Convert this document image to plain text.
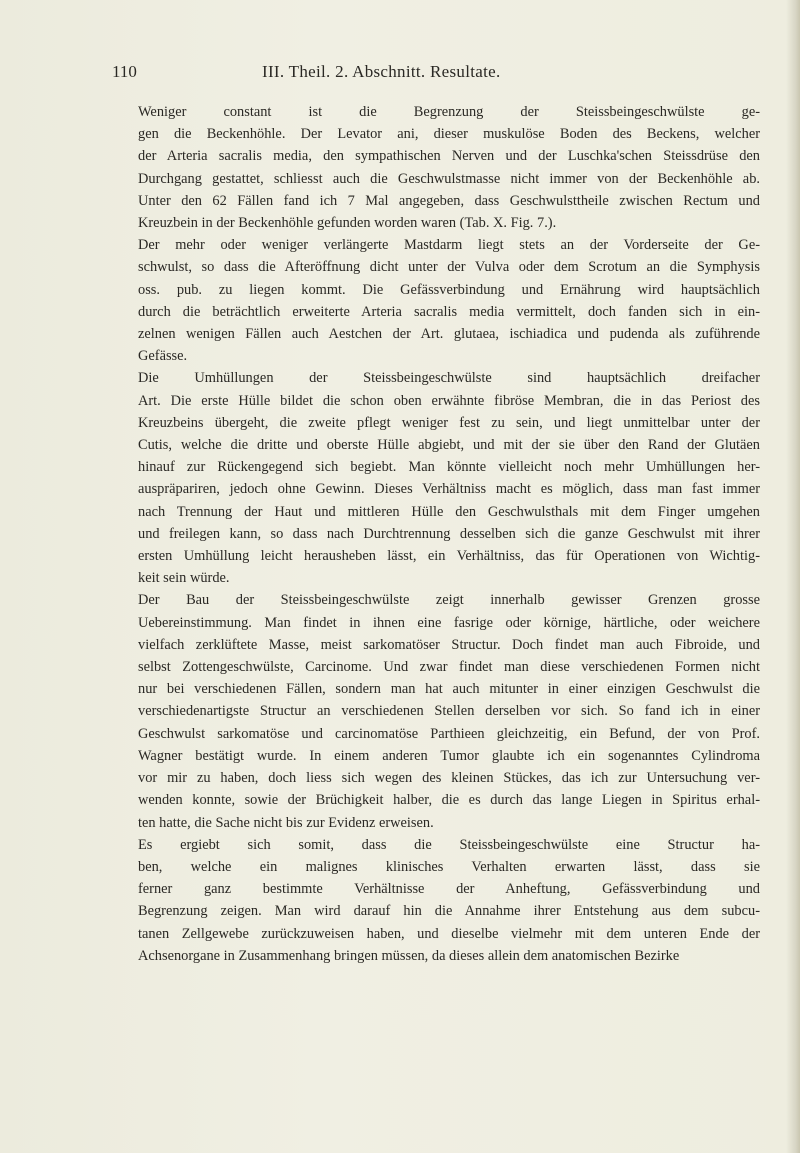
110	III. Theil. 2. Abschnitt. Resultate.

Weniger constant ist die Begrenzung der Steissbeingeschwülste ge-
gen die Beckenhöhle. Der Levator ani, dieser muskulöse Boden des Beckens, welcher
der Arteria sacralis media, den sympathischen Nerven und der Luschka'schen Steissdrüse den
Durchgang gestattet, schliesst auch die Geschwulstmasse nicht immer von der Beckenhöhle ab.
Unter den 62 Fällen fand ich 7 Mal angegeben, dass Geschwulsttheile zwischen Rectum und
Kreuzbein in der Beckenhöhle gefunden worden waren (Tab. X. Fig. 7.).

Der mehr oder weniger verlängerte Mastdarm liegt stets an der Vorderseite der Ge-
schwulst, so dass die Afteröffnung dicht unter der Vulva oder dem Scrotum an die Symphysis
oss. pub. zu liegen kommt. Die Gefässverbindung und Ernährung wird hauptsächlich
durch die beträchtlich erweiterte Arteria sacralis media vermittelt, doch fanden sich in ein-
zelnen wenigen Fällen auch Aestchen der Art. glutaea, ischiadica und pudenda als zuführende
Gefässe.

Die Umhüllungen der Steissbeingeschwülste sind hauptsächlich dreifacher
Art. Die erste Hülle bildet die schon oben erwähnte fibröse Membran, die in das Periost des
Kreuzbeins übergeht, die zweite pflegt weniger fest zu sein, und liegt unmittelbar unter der
Cutis, welche die dritte und oberste Hülle abgiebt, und mit der sie über den Rand der Glutäen
hinauf zur Rückengegend sich begiebt. Man könnte vielleicht noch mehr Umhüllungen her-
auspräpariren, jedoch ohne Gewinn. Dieses Verhältniss macht es möglich, dass man fast immer
nach Trennung der Haut und mittleren Hülle den Geschwulsthals mit dem Finger umgehen
und freilegen kann, so dass nach Durchtrennung desselben sich die ganze Geschwulst mit ihrer
ersten Umhüllung leicht herausheben lässt, ein Verhältniss, das für Operationen von Wichtig-
keit sein würde.

Der Bau der Steissbeingeschwülste zeigt innerhalb gewisser Grenzen grosse
Uebereinstimmung. Man findet in ihnen eine fasrige oder körnige, härtliche, oder weichere
vielfach zerklüftete Masse, meist sarkomatöser Structur. Doch findet man auch Fibroide, und
selbst Zottengeschwülste, Carcinome. Und zwar findet man diese verschiedenen Formen nicht
nur bei verschiedenen Fällen, sondern man hat auch mitunter in einer einzigen Geschwulst die
verschiedenartigste Structur an verschiedenen Stellen derselben vor sich. So fand ich in einer
Geschwulst sarkomatöse und carcinomatöse Parthieen gleichzeitig, ein Befund, der von Prof.
Wagner bestätigt wurde. In einem anderen Tumor glaubte ich ein sogenanntes Cylindroma
vor mir zu haben, doch liess sich wegen des kleinen Stückes, das ich zur Untersuchung ver-
wenden konnte, sowie der Brüchigkeit halber, die es durch das lange Liegen in Spiritus erhal-
ten hatte, die Sache nicht bis zur Evidenz erweisen.

Es ergiebt sich somit, dass die Steissbeingeschwülste eine Structur ha-
ben, welche ein malignes klinisches Verhalten erwarten lässt, dass sie
ferner ganz bestimmte Verhältnisse der Anheftung, Gefässverbindung und
Begrenzung zeigen. Man wird darauf hin die Annahme ihrer Entstehung aus dem subcu-
tanen Zellgewebe zurückzuweisen haben, und dieselbe vielmehr mit dem unteren Ende der
Achsenorgane in Zusammenhang bringen müssen, da dieses allein dem anatomischen Bezirke
